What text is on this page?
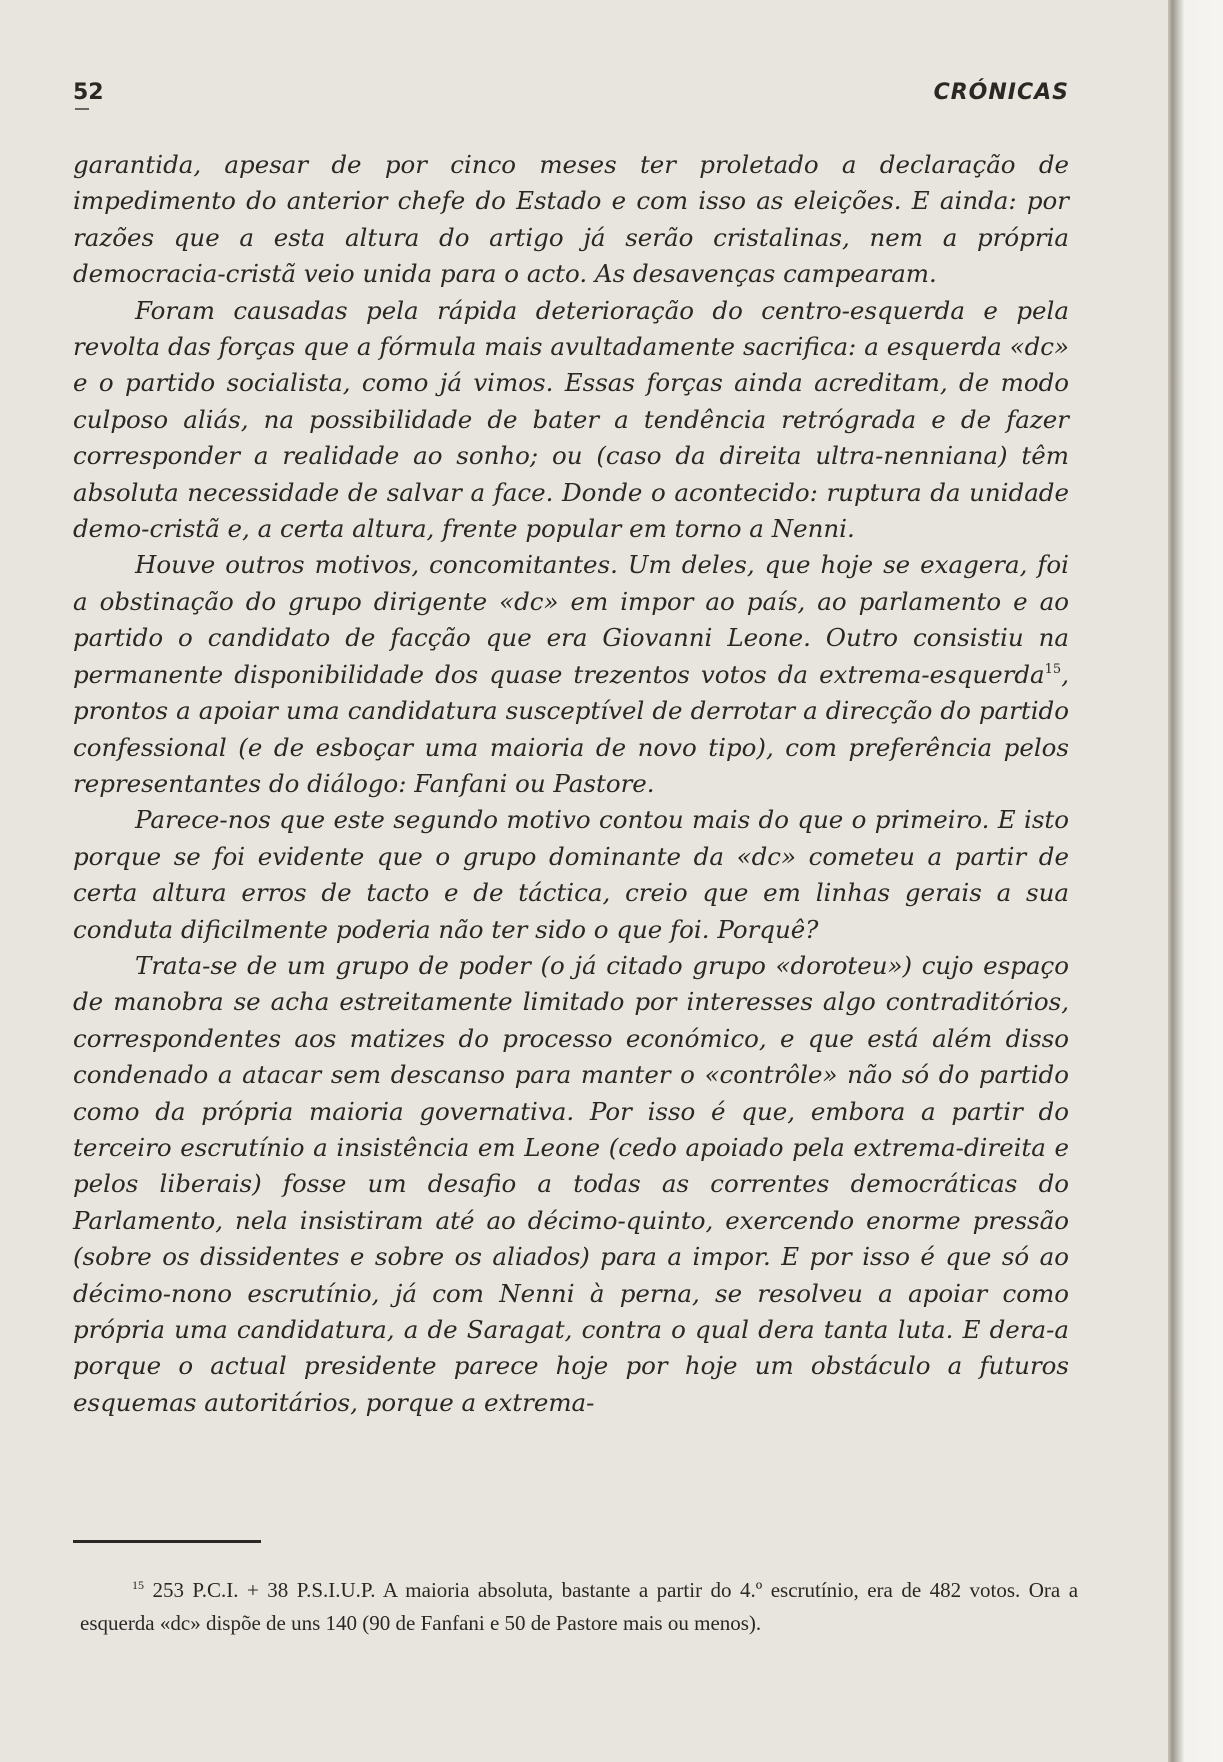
52	CRÓNICAS

garantida, apesar de por cinco meses ter proletado a declaração de impedimento do anterior chefe do Estado e com isso as eleições. E ainda: por razões que a esta altura do artigo já serão cristalinas, nem a própria democracia-cristã veio unida para o acto. As desavenças campearam.

Foram causadas pela rápida deterioração do centro-esquerda e pela revolta das forças que a fórmula mais avultadamente sacrifica: a esquerda «dc» e o partido socialista, como já vimos. Essas forças ainda acreditam, de modo culposo aliás, na possibilidade de bater a tendência retrógrada e de fazer corresponder a realidade ao sonho; ou (caso da direita ultra-nenniana) têm absoluta necessidade de salvar a face. Donde o acontecido: ruptura da unidade demo-cristã e, a certa altura, frente popular em torno a Nenni.

Houve outros motivos, concomitantes. Um deles, que hoje se exagera, foi a obstinação do grupo dirigente «dc» em impor ao país, ao parlamento e ao partido o candidato de facção que era Giovanni Leone. Outro consistiu na permanente disponibilidade dos quase trezentos votos da extrema-esquerda$^{15}$, prontos a apoiar uma candidatura susceptível de derrotar a direcção do partido confessional (e de esboçar uma maioria de novo tipo), com preferência pelos representantes do diálogo: Fanfani ou Pastore.

Parece-nos que este segundo motivo contou mais do que o primeiro. E isto porque se foi evidente que o grupo dominante da «dc» cometeu a partir de certa altura erros de tacto e de táctica, creio que em linhas gerais a sua conduta dificilmente poderia não ter sido o que foi. Porquê?

Trata-se de um grupo de poder (o já citado grupo «doroteu») cujo espaço de manobra se acha estreitamente limitado por interesses algo contraditórios, correspondentes aos matizes do processo económico, e que está além disso condenado a atacar sem descanso para manter o «contrôle» não só do partido como da própria maioria governativa. Por isso é que, embora a partir do terceiro escrutínio a insistência em Leone (cedo apoiado pela extrema-direita e pelos liberais) fosse um desafio a todas as correntes democráticas do Parlamento, nela insistiram até ao décimo-quinto, exercendo enorme pressão (sobre os dissidentes e sobre os aliados) para a impor. E por isso é que só ao décimo-nono escrutínio, já com Nenni à perna, se resolveu a apoiar como própria uma candidatura, a de Saragat, contra o qual dera tanta luta. E dera-a porque o actual presidente parece hoje por hoje um obstáculo a futuros esquemas autoritários, porque a extrema-

$^{15}$ 253 P.C.I. + 38 P.S.I.U.P. A maioria absoluta, bastante a partir do 4.º escrutínio, era de 482 votos. Ora a esquerda «dc» dispõe de uns 140 (90 de Fanfani e 50 de Pastore mais ou menos).
